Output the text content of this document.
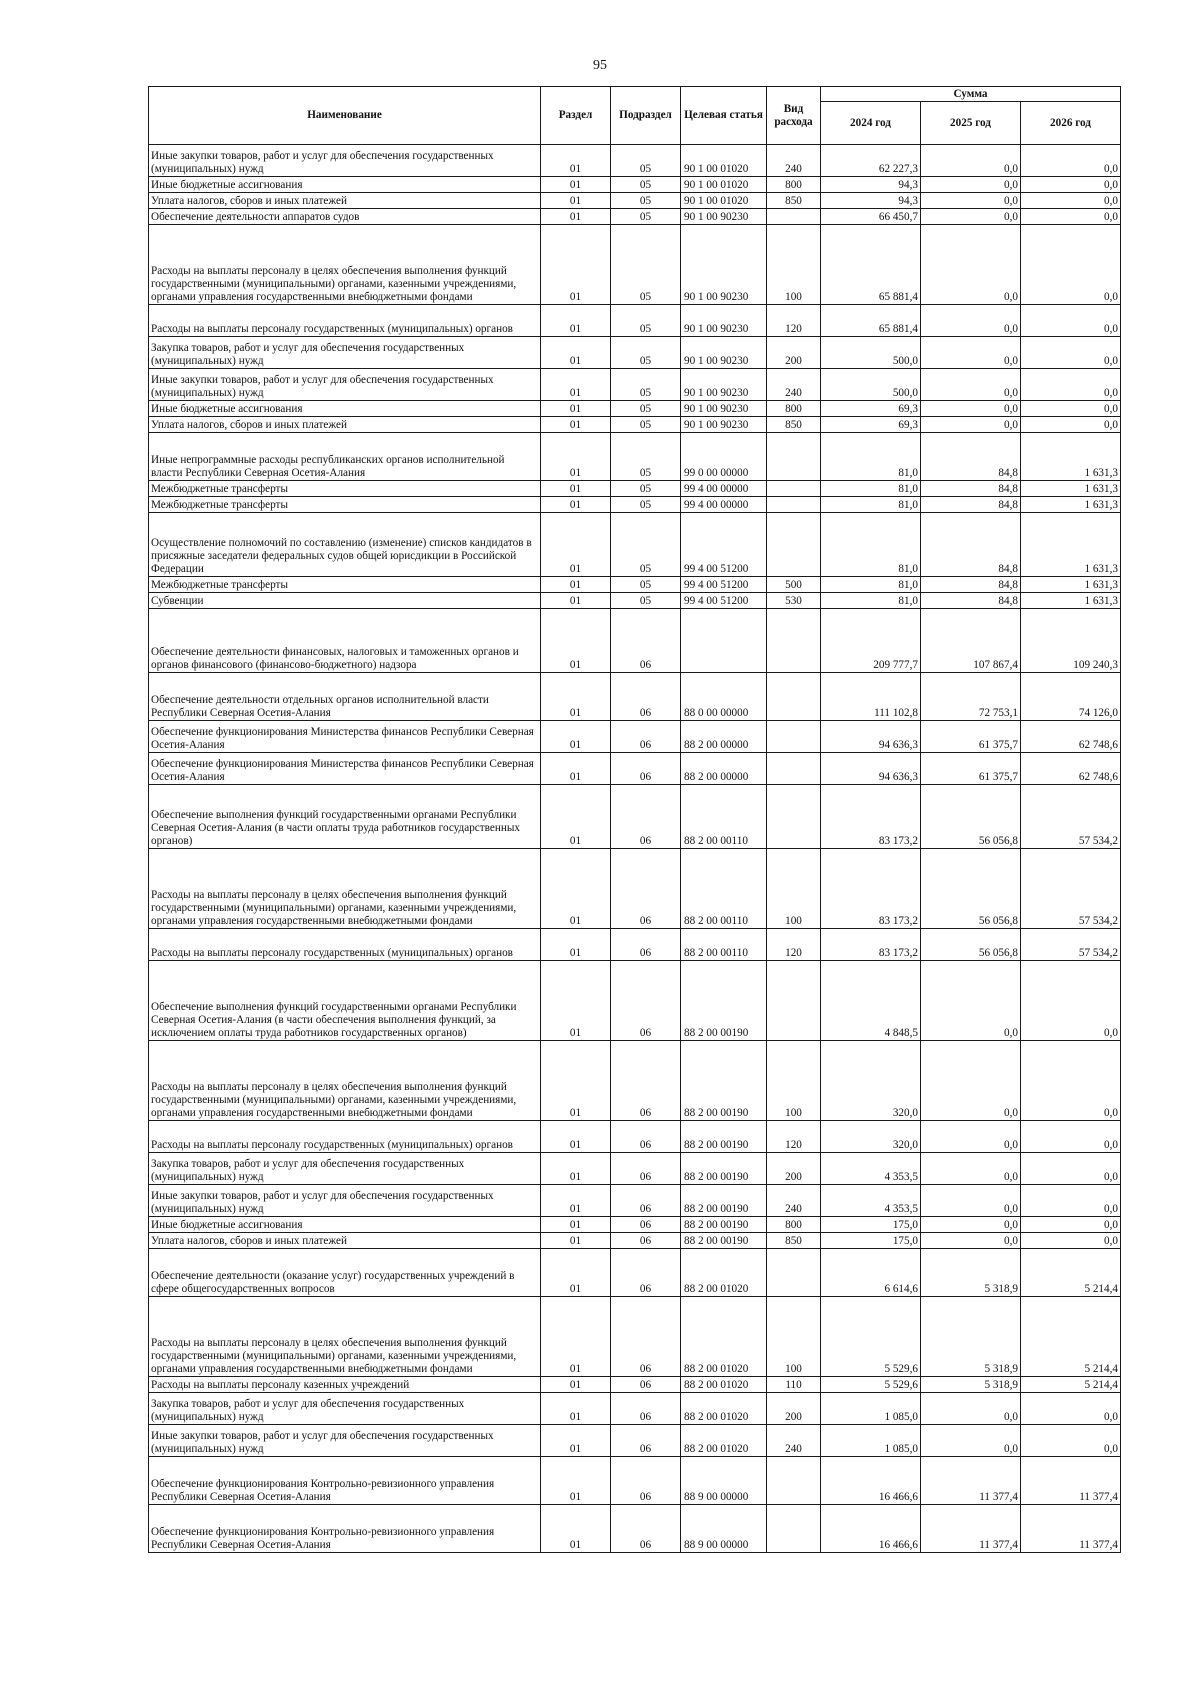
95
Наименование	Раздел	Подраздел	Целевая статья	Вид расхода	Сумма		
					2024 год	2025 год	2026 год
Иные закупки товаров, работ и услуг для обеспечения государственных (муниципальных) нужд	01	05	90 1 00 01020	240	62 227,3	0,0	0,0
Иные бюджетные ассигнования	01	05	90 1 00 01020	800	94,3	0,0	0,0
Уплата налогов, сборов и иных платежей	01	05	90 1 00 01020	850	94,3	0,0	0,0
Обеспечение деятельности аппаратов судов	01	05	90 1 00 90230		66 450,7	0,0	0,0
Расходы на выплаты персоналу в целях обеспечения выполнения функций государственными (муниципальными) органами, казенными учреждениями, органами управления государственными внебюджетными фондами	01	05	90 1 00 90230	100	65 881,4	0,0	0,0
Расходы на выплаты персоналу государственных (муниципальных) органов	01	05	90 1 00 90230	120	65 881,4	0,0	0,0
Закупка товаров, работ и услуг для обеспечения государственных (муниципальных) нужд	01	05	90 1 00 90230	200	500,0	0,0	0,0
Иные закупки товаров, работ и услуг для обеспечения государственных (муниципальных) нужд	01	05	90 1 00 90230	240	500,0	0,0	0,0
Иные бюджетные ассигнования	01	05	90 1 00 90230	800	69,3	0,0	0,0
Уплата налогов, сборов и иных платежей	01	05	90 1 00 90230	850	69,3	0,0	0,0
Иные непрограммные расходы республиканских органов исполнительной власти Республики Северная Осетия-Алания	01	05	99 0 00 00000		81,0	84,8	1 631,3
Межбюджетные трансферты	01	05	99 4 00 00000		81,0	84,8	1 631,3
Межбюджетные трансферты	01	05	99 4 00 00000		81,0	84,8	1 631,3
Осуществление полномочий по составлению (изменение) списков кандидатов в присяжные заседатели федеральных судов общей юрисдикции в Российской Федерации	01	05	99 4 00 51200		81,0	84,8	1 631,3
Межбюджетные трансферты	01	05	99 4 00 51200	500	81,0	84,8	1 631,3
Субвенции	01	05	99 4 00 51200	530	81,0	84,8	1 631,3
Обеспечение деятельности финансовых, налоговых и таможенных органов и органов финансового (финансово-бюджетного) надзора	01	06			209 777,7	107 867,4	109 240,3
Обеспечение деятельности отдельных органов исполнительной власти Республики Северная Осетия-Алания	01	06	88 0 00 00000		111 102,8	72 753,1	74 126,0
Обеспечение функционирования Министерства финансов Республики Северная Осетия-Алания	01	06	88 2 00 00000		94 636,3	61 375,7	62 748,6
Обеспечение функционирования Министерства финансов Республики Северная Осетия-Алания	01	06	88 2 00 00000		94 636,3	61 375,7	62 748,6
Обеспечение выполнения функций государственными органами Республики Северная Осетия-Алания (в части оплаты труда работников государственных органов)	01	06	88 2 00 00110		83 173,2	56 056,8	57 534,2
Расходы на выплаты персоналу в целях обеспечения выполнения функций государственными (муниципальными) органами, казенными учреждениями, органами управления государственными внебюджетными фондами	01	06	88 2 00 00110	100	83 173,2	56 056,8	57 534,2
Расходы на выплаты персоналу государственных (муниципальных) органов	01	06	88 2 00 00110	120	83 173,2	56 056,8	57 534,2
Обеспечение выполнения функций государственными органами Республики Северная Осетия-Алания (в части обеспечения выполнения функций, за исключением оплаты труда работников государственных органов)	01	06	88 2 00 00190		4 848,5	0,0	0,0
Расходы на выплаты персоналу в целях обеспечения выполнения функций государственными (муниципальными) органами, казенными учреждениями, органами управления государственными внебюджетными фондами	01	06	88 2 00 00190	100	320,0	0,0	0,0
Расходы на выплаты персоналу государственных (муниципальных) органов	01	06	88 2 00 00190	120	320,0	0,0	0,0
Закупка товаров, работ и услуг для обеспечения государственных (муниципальных) нужд	01	06	88 2 00 00190	200	4 353,5	0,0	0,0
Иные закупки товаров, работ и услуг для обеспечения государственных (муниципальных) нужд	01	06	88 2 00 00190	240	4 353,5	0,0	0,0
Иные бюджетные ассигнования	01	06	88 2 00 00190	800	175,0	0,0	0,0
Уплата налогов, сборов и иных платежей	01	06	88 2 00 00190	850	175,0	0,0	0,0
Обеспечение деятельности (оказание услуг) государственных учреждений в сфере общегосударственных вопросов	01	06	88 2 00 01020		6 614,6	5 318,9	5 214,4
Расходы на выплаты персоналу в целях обеспечения выполнения функций государственными (муниципальными) органами, казенными учреждениями, органами управления государственными внебюджетными фондами	01	06	88 2 00 01020	100	5 529,6	5 318,9	5 214,4
Расходы на выплаты персоналу казенных учреждений	01	06	88 2 00 01020	110	5 529,6	5 318,9	5 214,4
Закупка товаров, работ и услуг для обеспечения государственных (муниципальных) нужд	01	06	88 2 00 01020	200	1 085,0	0,0	0,0
Иные закупки товаров, работ и услуг для обеспечения государственных (муниципальных) нужд	01	06	88 2 00 01020	240	1 085,0	0,0	0,0
Обеспечение функционирования Контрольно-ревизионного управления Республики Северная Осетия-Алания	01	06	88 9 00 00000		16 466,6	11 377,4	11 377,4
Обеспечение функционирования Контрольно-ревизионного управления Республики Северная Осетия-Алания	01	06	88 9 00 00000		16 466,6	11 377,4	11 377,4
